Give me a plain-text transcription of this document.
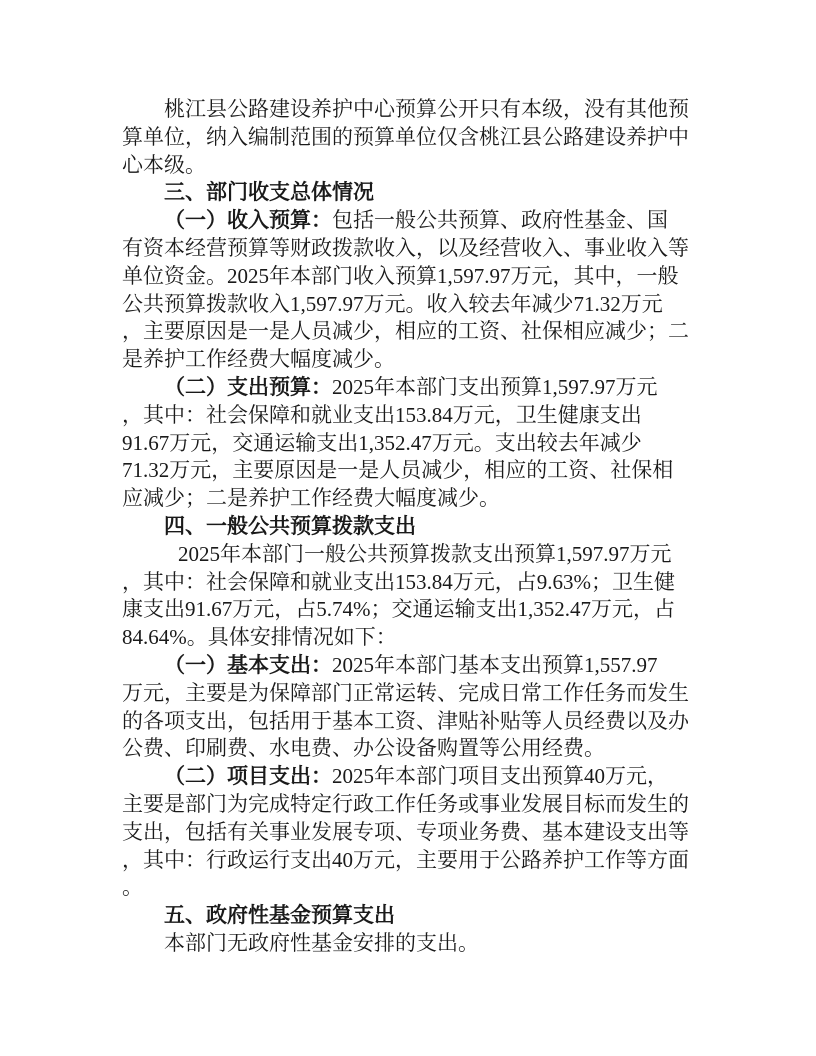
桃江县公路建设养护中心预算公开只有本级，没有其他预
算单位，纳入编制范围的预算单位仅含桃江县公路建设养护中
心本级。
三、部门收支总体情况
（一）收入预算：包括一般公共预算、政府性基金、国
有资本经营预算等财政拨款收入，以及经营收入、事业收入等
单位资金。2025年本部门收入预算1,597.97万元，其中，一般
公共预算拨款收入1,597.97万元。收入较去年减少71.32万元
，主要原因是一是人员减少，相应的工资、社保相应减少；二
是养护工作经费大幅度减少。
（二）支出预算：2025年本部门支出预算1,597.97万元
，其中：社会保障和就业支出153.84万元，卫生健康支出
91.67万元，交通运输支出1,352.47万元。支出较去年减少
71.32万元，主要原因是一是人员减少，相应的工资、社保相
应减少；二是养护工作经费大幅度减少。
四、一般公共预算拨款支出
2025年本部门一般公共预算拨款支出预算1,597.97万元
，其中：社会保障和就业支出153.84万元，占9.63%；卫生健
康支出91.67万元，占5.74%；交通运输支出1,352.47万元，占
84.64%。具体安排情况如下：
（一）基本支出：2025年本部门基本支出预算1,557.97
万元，主要是为保障部门正常运转、完成日常工作任务而发生
的各项支出，包括用于基本工资、津贴补贴等人员经费以及办
公费、印刷费、水电费、办公设备购置等公用经费。
（二）项目支出：2025年本部门项目支出预算40万元，
主要是部门为完成特定行政工作任务或事业发展目标而发生的
支出，包括有关事业发展专项、专项业务费、基本建设支出等
，其中：行政运行支出40万元，主要用于公路养护工作等方面
。
五、政府性基金预算支出
本部门无政府性基金安排的支出。
